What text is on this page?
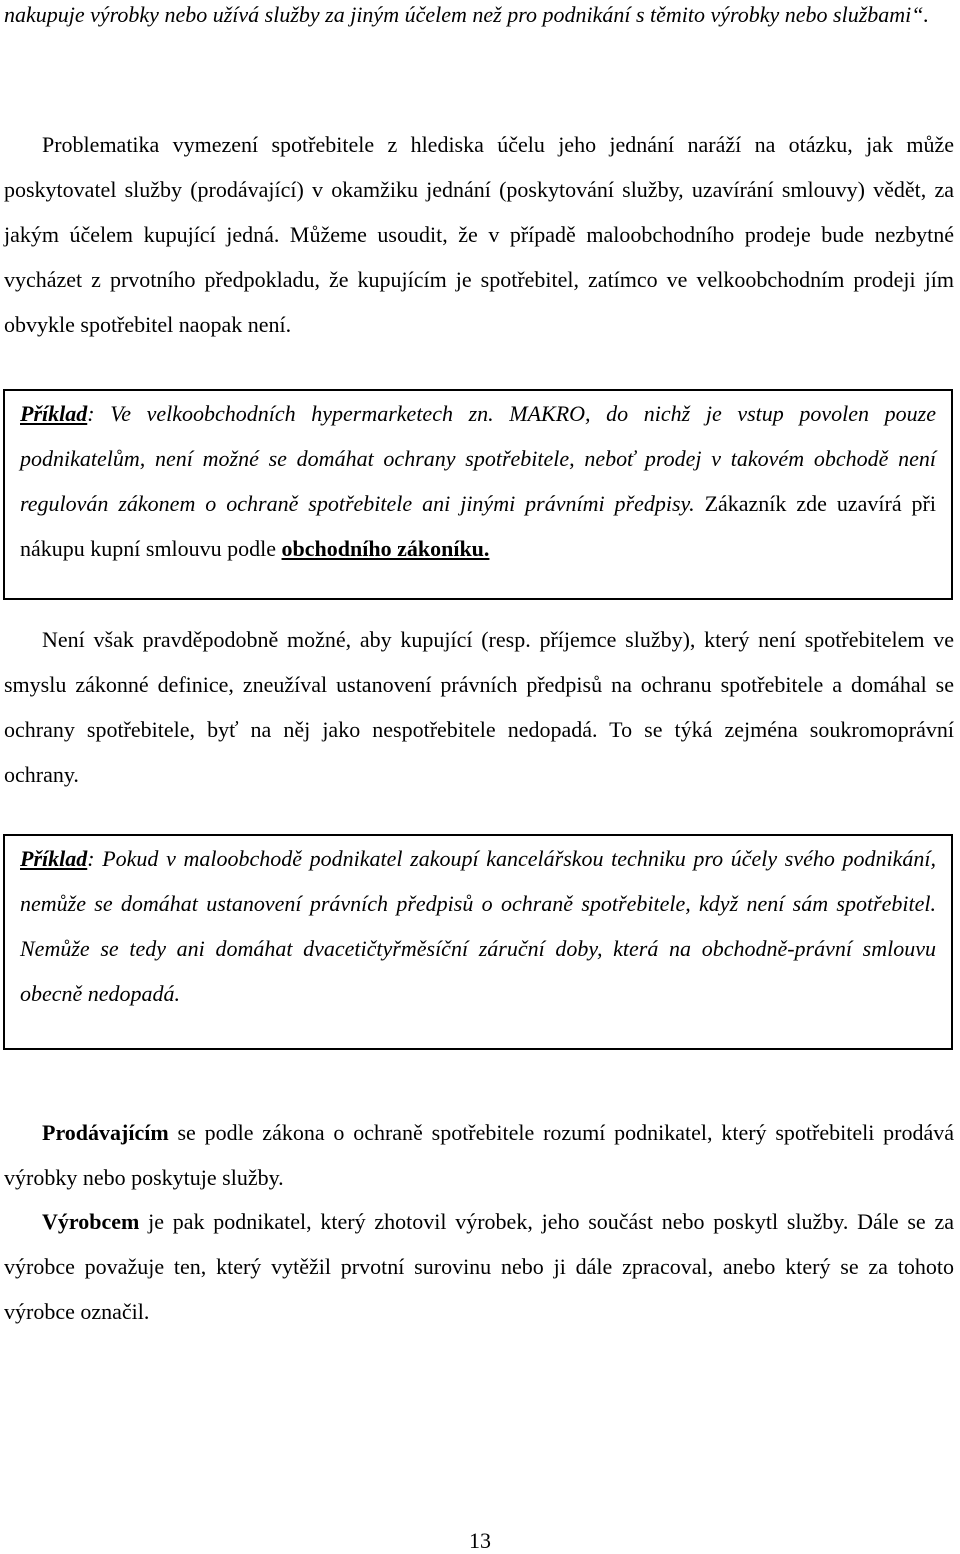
nakupuje výrobky nebo užívá služby za jiným účelem než pro podnikání s těmito výrobky nebo službami“.

Problematika vymezení spotřebitele z hlediska účelu jeho jednání naráží na otázku, jak může poskytovatel služby (prodávající) v okamžiku jednání (poskytování služby, uzavírání smlouvy) vědět, za jakým účelem kupující jedná. Můžeme usoudit, že v případě maloobchodního prodeje bude nezbytné vycházet z prvotního předpokladu, že kupujícím je spotřebitel, zatímco ve velkoobchodním prodeji jím obvykle spotřebitel naopak není.

Příklad: Ve velkoobchodních hypermarketech zn. MAKRO, do nichž je vstup povolen pouze podnikatelům, není možné se domáhat ochrany spotřebitele, neboť prodej v takovém obchodě není regulován zákonem o ochraně spotřebitele ani jinými právními předpisy. Zákazník zde uzavírá při nákupu kupní smlouvu podle obchodního zákoníku.

Není však pravděpodobně možné, aby kupující (resp. příjemce služby), který není spotřebitelem ve smyslu zákonné definice, zneužíval ustanovení právních předpisů na ochranu spotřebitele a domáhal se ochrany spotřebitele, byť na něj jako nespotřebitele nedopadá. To se týká zejména soukromoprávní ochrany.

Příklad: Pokud v maloobchodě podnikatel zakoupí kancelářskou techniku pro účely svého podnikání, nemůže se domáhat ustanovení právních předpisů o ochraně spotřebitele, když není sám spotřebitel. Nemůže se tedy ani domáhat dvacetičtyřměsíční záruční doby, která na obchodně-právní smlouvu obecně nedopadá.

Prodávajícím se podle zákona o ochraně spotřebitele rozumí podnikatel, který spotřebiteli prodává výrobky nebo poskytuje služby.

Výrobcem je pak podnikatel, který zhotovil výrobek, jeho součást nebo poskytl služby. Dále se za výrobce považuje ten, který vytěžil prvotní surovinu nebo ji dále zpracoval, anebo který se za tohoto výrobce označil.

13
